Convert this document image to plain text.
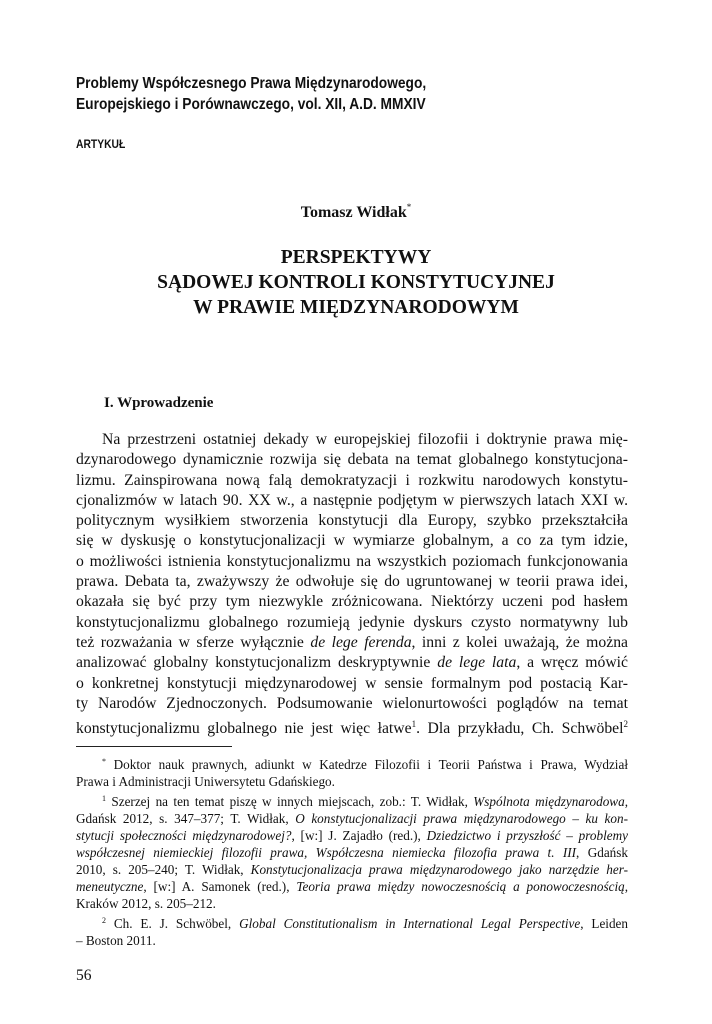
Problemy Współczesnego Prawa Międzynarodowego,
Europejskiego i Porównawczego, vol. XII, A.D. MMXIV
ARTYKUŁ
Tomasz Widłak*
PERSPEKTYWY
SĄDOWEJ KONTROLI KONSTYTUCYJNEJ
W PRAWIE MIĘDZYNARODOWYM
I. Wprowadzenie
Na przestrzeni ostatniej dekady w europejskiej filozofii i doktrynie prawa mię-
dzynarodowego dynamicznie rozwija się debata na temat globalnego konstytucjona-
lizmu. Zainspirowana nową falą demokratyzacji i rozkwitu narodowych konstytu-
cjonalizmów w latach 90. XX w., a następnie podjętym w pierwszych latach XXI w.
politycznym wysiłkiem stworzenia konstytucji dla Europy, szybko przekształciła
się w dyskusję o konstytucjonalizacji w wymiarze globalnym, a co za tym idzie,
o możliwości istnienia konstytucjonalizmu na wszystkich poziomach funkcjonowania
prawa. Debata ta, zważywszy że odwołuje się do ugruntowanej w teorii prawa idei,
okazała się być przy tym niezwykle zróżnicowana. Niektórzy uczeni pod hasłem
konstytucjonalizmu globalnego rozumieją jedynie dyskurs czysto normatywny lub
też rozważania w sferze wyłącznie de lege ferenda, inni z kolei uważają, że można
analizować globalny konstytucjonalizm deskryptywnie de lege lata, a wręcz mówić
o konkretnej konstytucji międzynarodowej w sensie formalnym pod postacią Kar-
ty Narodów Zjednoczonych. Podsumowanie wielonurtowości poglądów na temat
konstytucjonalizmu globalnego nie jest więc łatwe$^1$. Dla przykładu, Ch. Schwöbel$^2$
* Doktor nauk prawnych, adiunkt w Katedrze Filozofii i Teorii Państwa i Prawa, Wydział
Prawa i Administracji Uniwersytetu Gdańskiego.
$^1$ Szerzej na ten temat piszę w innych miejscach, zob.: T. Widłak, Wspólnota międzynarodowa,
Gdańsk 2012, s. 347–377; T. Widłak, O konstytucjonalizacji prawa międzynarodowego – ku kon-
stytucji społeczności międzynarodowej?, [w:] J. Zajadło (red.), Dziedzictwo i przyszłość – problemy
współczesnej niemieckiej filozofii prawa, Współczesna niemiecka filozofia prawa t. III, Gdańsk
2010, s. 205–240; T. Widłak, Konstytucjonalizacja prawa międzynarodowego jako narzędzie her-
meneutyczne, [w:] A. Samonek (red.), Teoria prawa między nowoczesnością a ponowoczesnością,
Kraków 2012, s. 205–212.
$^2$ Ch. E. J. Schwöbel, Global Constitutionalism in International Legal Perspective, Leiden
– Boston 2011.
56
